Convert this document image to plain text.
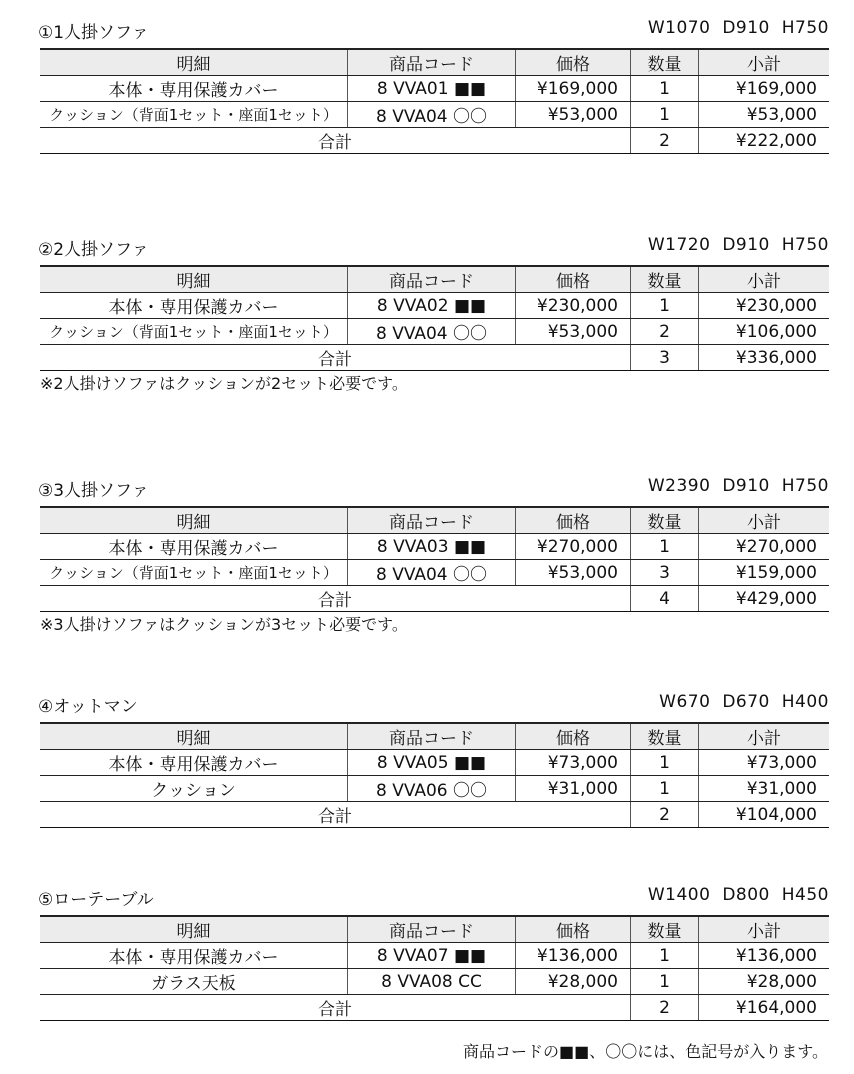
①1人掛ソファ	W1070 D910 H750
明細	商品コード	価格	数量	小計
本体・専用保護カバー	8 VVA01 ■■	¥169,000	1	¥169,000
クッション（背面1セット・座面1セット）	8 VVA04 〇〇	¥53,000	1	¥53,000
合計			2	¥222,000
②2人掛ソファ	W1720 D910 H750
明細	商品コード	価格	数量	小計
本体・専用保護カバー	8 VVA02 ■■	¥230,000	1	¥230,000
クッション（背面1セット・座面1セット）	8 VVA04 〇〇	¥53,000	2	¥106,000
合計			3	¥336,000
※2人掛けソファはクッションが2セット必要です。
③3人掛ソファ	W2390 D910 H750
明細	商品コード	価格	数量	小計
本体・専用保護カバー	8 VVA03 ■■	¥270,000	1	¥270,000
クッション（背面1セット・座面1セット）	8 VVA04 〇〇	¥53,000	3	¥159,000
合計			4	¥429,000
※3人掛けソファはクッションが3セット必要です。
④オットマン	W670 D670 H400
明細	商品コード	価格	数量	小計
本体・専用保護カバー	8 VVA05 ■■	¥73,000	1	¥73,000
クッション	8 VVA06 〇〇	¥31,000	1	¥31,000
合計			2	¥104,000
⑤ローテーブル	W1400 D800 H450
明細	商品コード	価格	数量	小計
本体・専用保護カバー	8 VVA07 ■■	¥136,000	1	¥136,000
ガラス天板	8 VVA08 CC	¥28,000	1	¥28,000
合計			2	¥164,000
商品コードの■■、〇〇には、色記号が入ります。
